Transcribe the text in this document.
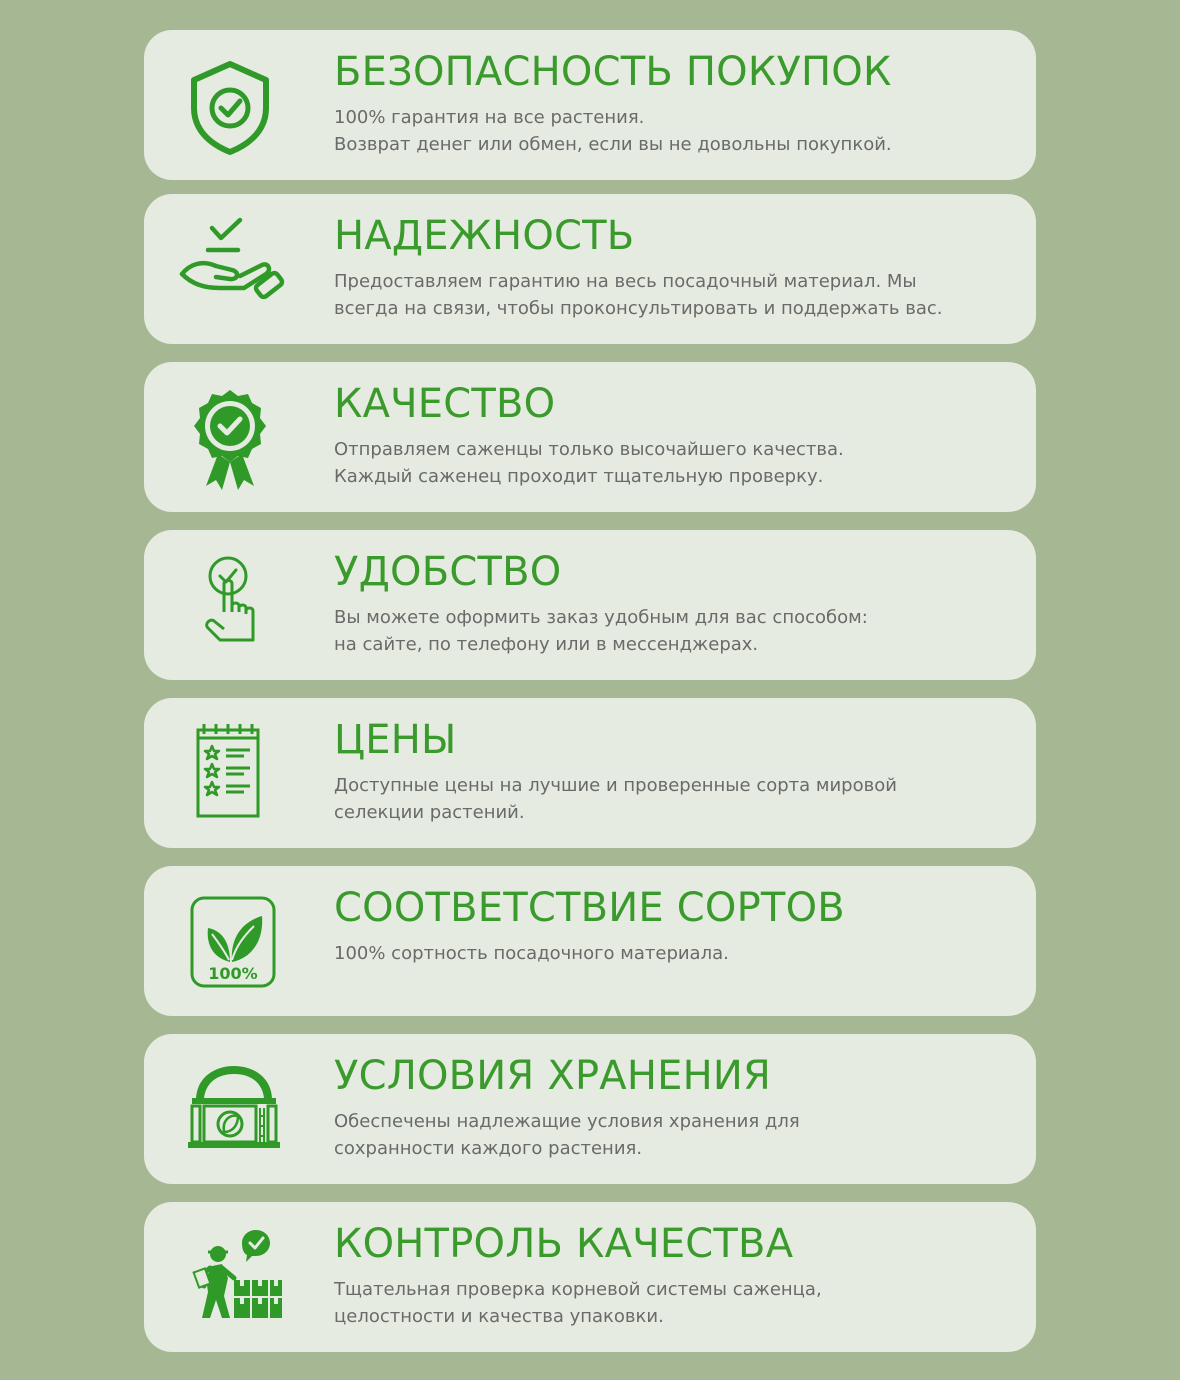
БЕЗОПАСНОСТЬ ПОКУПОК
100% гарантия на все растения.
Возврат денег или обмен, если вы не довольны покупкой.
НАДЕЖНОСТЬ
Предоставляем гарантию на весь посадочный материал. Мы
всегда на связи, чтобы проконсультировать и поддержать вас.
КАЧЕСТВО
Отправляем саженцы только высочайшего качества.
Каждый саженец проходит тщательную проверку.
УДОБСТВО
Вы можете оформить заказ удобным для вас способом:
на сайте, по телефону или в мессенджерах.
ЦЕНЫ
Доступные цены на лучшие и проверенные сорта мировой
селекции растений.
100%
СООТВЕТСТВИЕ СОРТОВ
100% сортность посадочного материала.
УСЛОВИЯ ХРАНЕНИЯ
Обеспечены надлежащие условия хранения для
сохранности каждого растения.
КОНТРОЛЬ КАЧЕСТВА
Тщательная проверка корневой системы саженца,
целостности и качества упаковки.
